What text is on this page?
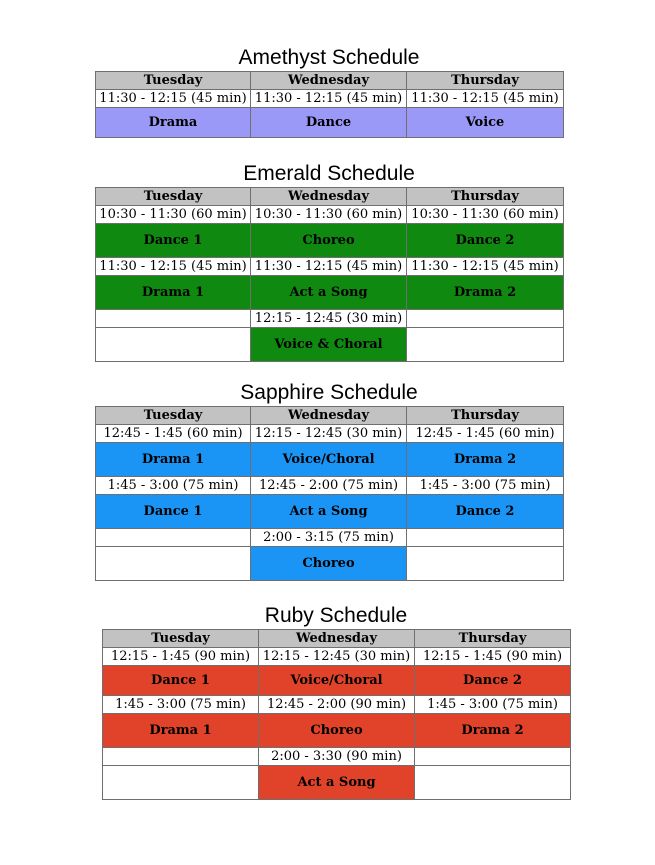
Amethyst Schedule
Tuesday	Wednesday	Thursday
11:30 - 12:15 (45 min)	11:30 - 12:15 (45 min)	11:30 - 12:15 (45 min)
Drama	Dance	Voice
Emerald Schedule
Tuesday	Wednesday	Thursday
10:30 - 11:30 (60 min)	10:30 - 11:30 (60 min)	10:30 - 11:30 (60 min)
Dance 1	Choreo	Dance 2
11:30 - 12:15 (45 min)	11:30 - 12:15 (45 min)	11:30 - 12:15 (45 min)
Drama 1	Act a Song	Drama 2
	12:15 - 12:45 (30 min)	
	Voice & Choral	
Sapphire Schedule
Tuesday	Wednesday	Thursday
12:45 - 1:45 (60 min)	12:15 - 12:45 (30 min)	12:45 - 1:45 (60 min)
Drama 1	Voice/Choral	Drama 2
1:45 - 3:00 (75 min)	12:45 - 2:00 (75 min)	1:45 - 3:00 (75 min)
Dance 1	Act a Song	Dance 2
	2:00 - 3:15 (75 min)	
	Choreo	
Ruby Schedule
Tuesday	Wednesday	Thursday
12:15 - 1:45 (90 min)	12:15 - 12:45 (30 min)	12:15 - 1:45 (90 min)
Dance 1	Voice/Choral	Dance 2
1:45 - 3:00 (75 min)	12:45 - 2:00 (90 min)	1:45 - 3:00 (75 min)
Drama 1	Choreo	Drama 2
	2:00 - 3:30 (90 min)	
	Act a Song	
